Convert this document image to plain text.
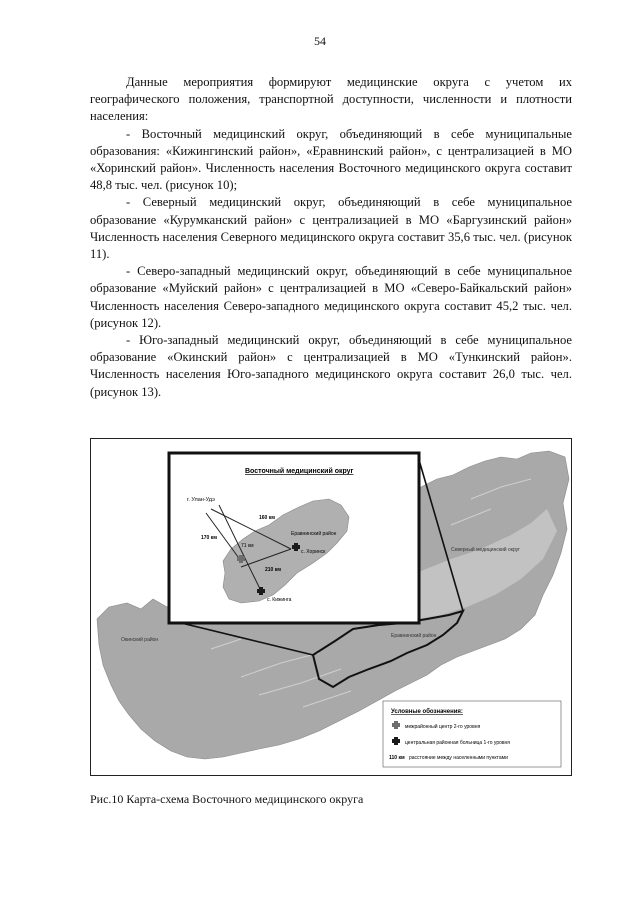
54

Данные мероприятия формируют медицинские округа с учетом их географического положения, транспортной доступности, численности и плотности населения:

- Восточный медицинский округ, объединяющий в себе муниципальные образования: «Кижингинский район», «Еравнинский район», с централизацией в МО «Хоринский район». Численность населения Восточного медицинского округа составит 48,8 тыс. чел. (рисунок 10);

- Северный медицинский округ, объединяющий в себе муниципальное образование «Курумканский район» с централизацией в МО «Баргузинский район» Численность населения Северного медицинского округа составит 35,6 тыс. чел. (рисунок 11).

- Северо-западный медицинский округ, объединяющий в себе муниципальное образование «Муйский район» с централизацией в МО «Северо-Байкальский район» Численность населения Северо-западного медицинского округа составит 45,2 тыс. чел. (рисунок 12).

- Юго-западный медицинский округ, объединяющий в себе муниципальное образование «Окинский район» с централизацией в МО «Тункинский район». Численность населения Юго-западного медицинского округа составит 26,0 тыс. чел. (рисунок 13).

Восточный медицинский округ
г. Улан-Удэ
Еравнинский район
с. Хоринск
с. Кижинга
170 км
160 км
210 км
71 км
Окинский район
Северный медицинский округ
Еравнинский район
Условные обозначения:
межрайонный центр 2-го уровня
центральная районная больница 1-го уровня
110 км расстояние между населенными пунктами
Рис.10 Карта-схема Восточного медицинского округа
